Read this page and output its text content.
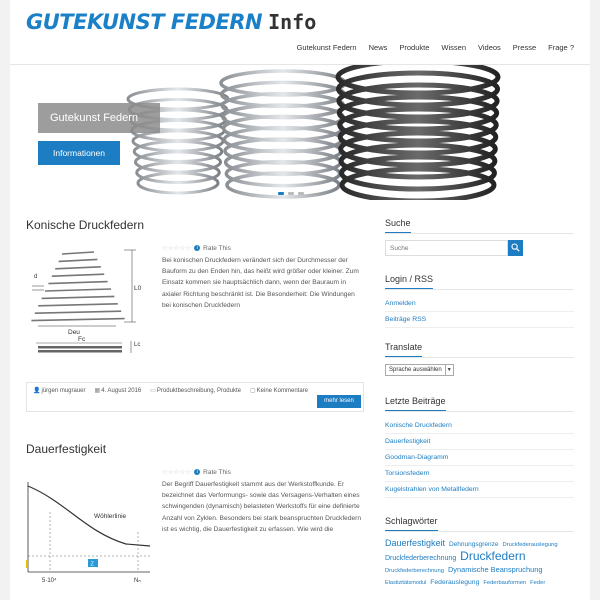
GUTEKUNST FEDERN Info
Gutekunst Federn	News	Produkte	Wissen	Videos	Presse	Frage ?
Gutekunst Federn
Informationen
Konische Druckfedern
d
L0
Deu
Fc
Lc
☆☆☆☆☆	i Rate This
Bei konischen Druckfedern verändert sich der Durchmesser der Bauform zu den Enden hin, das heißt wird größer oder kleiner. Zum Einsatz kommen sie hauptsächlich dann, wenn der Bauraum in axialer Richtung beschränkt ist. Die Besonderheit: Die Windungen bei konischen Druckfedern
👤jürgen mugrauer ▦4. August 2016 ▭Produktbeschreibung, Produkte ▢Keine Kommentare
mehr lesen
Dauerfestigkeit
Z
Wöhlerlinie
5·10⁴	Nₙ
☆☆☆☆☆	i Rate This
Der Begriff Dauerfestigkeit stammt aus der Werkstoffkunde. Er bezeichnet das Verformungs- sowie das Versagens-Verhalten eines schwingenden (dynamisch) belasteten Werkstoffs für eine definierte Anzahl von Zyklen. Besonders bei stark beanspruchten Druckfedern ist es wichtig, die Dauerfestigkeit zu erfassen. Wie wird die
Suche
Suche
Login / RSS
Anmelden
Beiträge RSS
Translate
Sprache auswählen	▼
Letzte Beiträge
Konische Druckfedern
Dauerfestigkeit
Goodman-Diagramm
Torsionsfedern
Kugelstrahlen von Metallfedern
Schlagwörter
Dauerfestigkeit Dehnungsgrenze Druckfederauslegung Druckfederberechnung Druckfedern Druckfederberechnung Dynamische Beanspruchung Elastizitätsmodul Federauslegung Federbauformen Feder
